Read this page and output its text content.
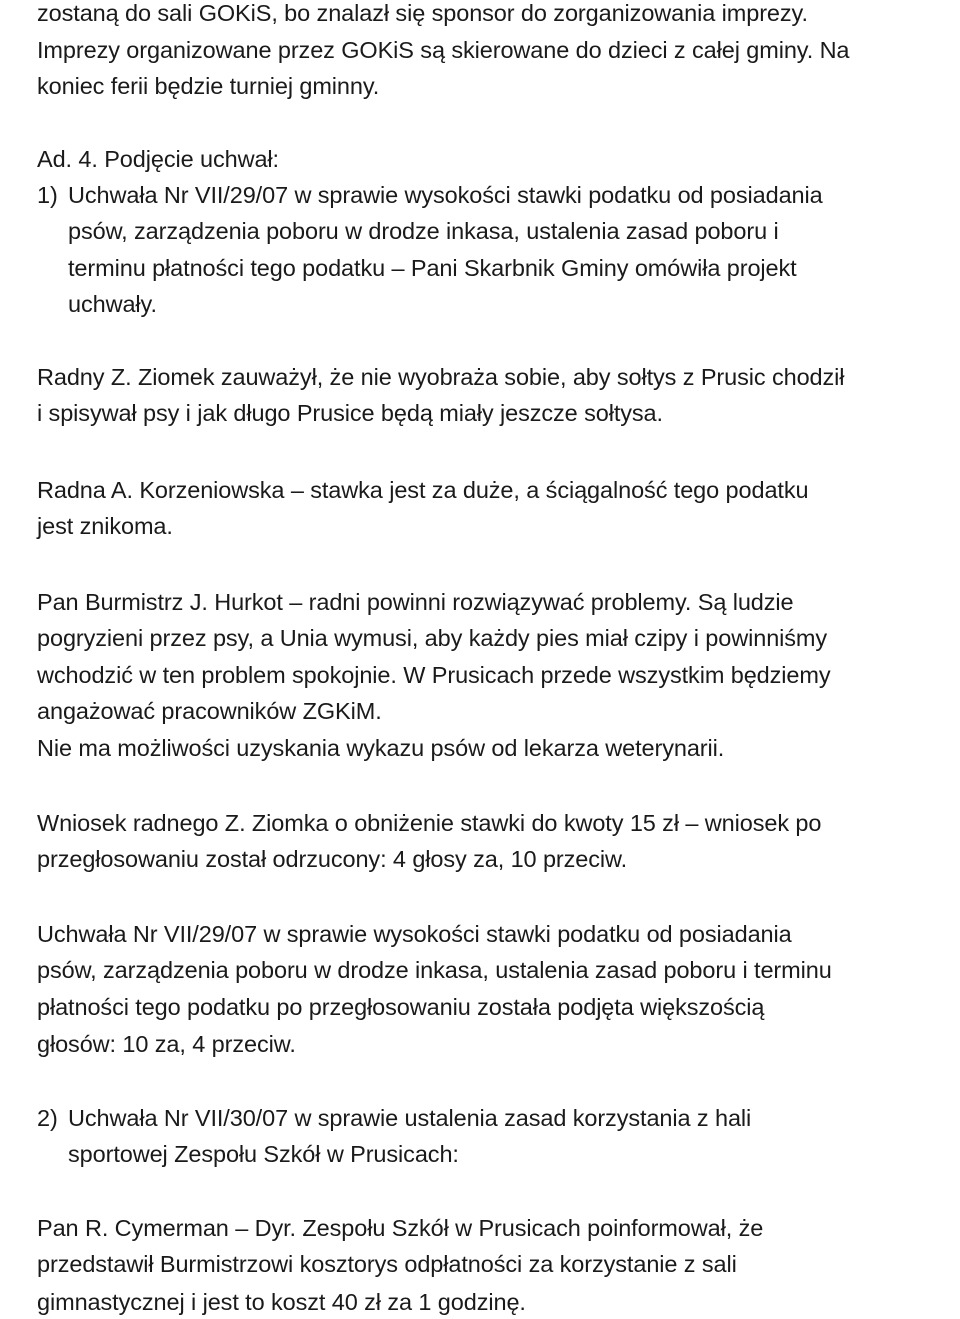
zostaną do sali GOKiS, bo znalazł się sponsor do zorganizowania imprezy.
Imprezy organizowane przez GOKiS są skierowane do dzieci z całej gminy. Na
koniec ferii będzie turniej gminny.
Ad. 4. Podjęcie uchwał:
1) Uchwała Nr VII/29/07 w sprawie wysokości stawki podatku od posiadania
psów, zarządzenia poboru w drodze inkasa, ustalenia zasad poboru i
terminu płatności tego podatku – Pani Skarbnik Gminy omówiła projekt
uchwały.
Radny Z. Ziomek zauważył, że nie wyobraża sobie, aby sołtys z Prusic chodził
i spisywał psy i jak długo Prusice będą miały jeszcze sołtysa.
Radna A. Korzeniowska – stawka jest za duże, a ściągalność tego podatku
jest znikoma.
Pan Burmistrz J. Hurkot – radni powinni rozwiązywać problemy. Są ludzie
pogryzieni przez psy, a Unia wymusi, aby każdy pies miał czipy i powinniśmy
wchodzić w ten problem spokojnie. W Prusicach przede wszystkim będziemy
angażować pracowników ZGKiM.
Nie ma możliwości uzyskania wykazu psów od lekarza weterynarii.
Wniosek radnego Z. Ziomka o obniżenie stawki do kwoty 15 zł – wniosek po
przegłosowaniu został odrzucony: 4 głosy za, 10 przeciw.
Uchwała Nr VII/29/07 w sprawie wysokości stawki podatku od posiadania
psów, zarządzenia poboru w drodze inkasa, ustalenia zasad poboru i terminu
płatności tego podatku po przegłosowaniu została podjęta większością
głosów: 10 za, 4 przeciw.
2) Uchwała Nr VII/30/07 w sprawie ustalenia zasad korzystania z hali
sportowej Zespołu Szkół w Prusicach:
Pan R. Cymerman – Dyr. Zespołu Szkół w Prusicach poinformował, że
przedstawił Burmistrzowi kosztorys odpłatności za korzystanie z sali
gimnastycznej i jest to koszt 40 zł za 1 godzinę.
